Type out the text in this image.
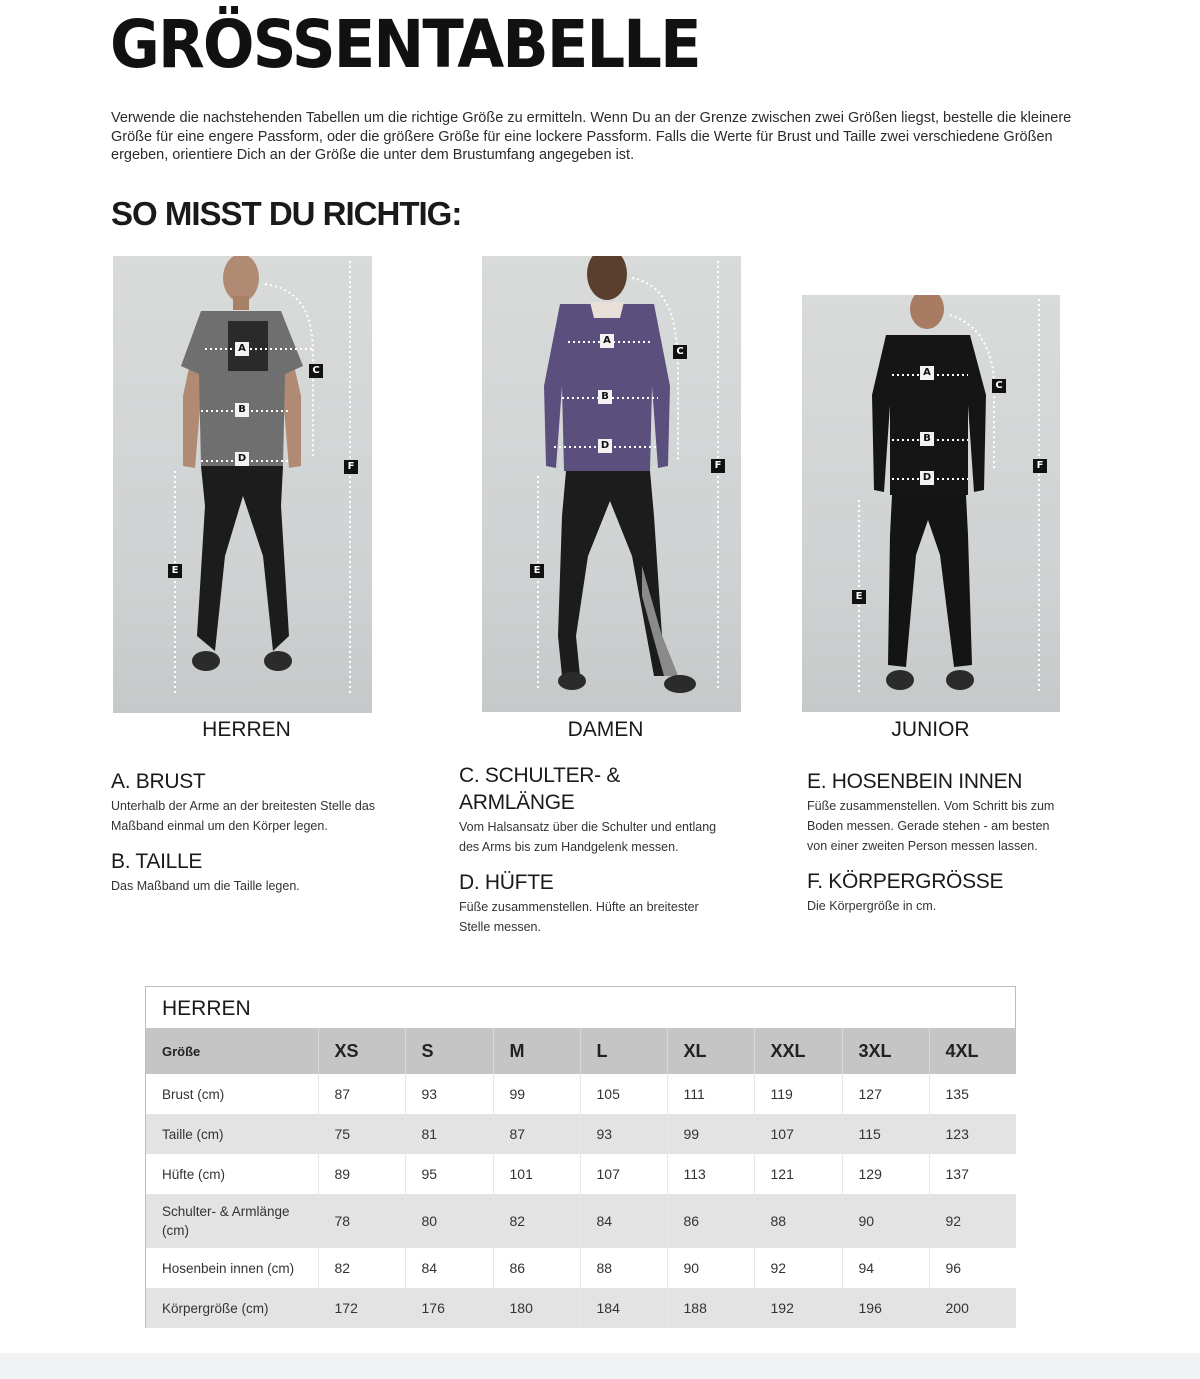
GRÖSSENTABELLE

Verwende die nachstehenden Tabellen um die richtige Größe zu ermitteln. Wenn Du an der Grenze zwischen zwei Größen liegst, bestelle die kleinere Größe für eine engere Passform, oder die größere Größe für eine lockere Passform. Falls die Werte für Brust und Taille zwei verschiedene Größen ergeben, orientiere Dich an der Größe die unter dem Brustumfang angegeben ist.

SO MISST DU RICHTIG:
A
B
D
C
E
F
HERREN
A
B
D
C
E
F
DAMEN
A
B
D
C
E
F
JUNIOR
A. BRUST

Unterhalb der Arme an der breitesten Stelle das Maßband einmal um den Körper legen.

B. TAILLE

Das Maßband um die Taille legen.

C. SCHULTER- & ARMLÄNGE

Vom Halsansatz über die Schulter und entlang des Arms bis zum Handgelenk messen.

D. HÜFTE

Füße zusammenstellen. Hüfte an breitester Stelle messen.

E. HOSENBEIN INNEN

Füße zusammenstellen. Vom Schritt bis zum Boden messen. Gerade stehen - am besten von einer zweiten Person messen lassen.

F. KÖRPERGRÖSSE

Die Körpergröße in cm.

HERREN
Größe	XS	S	M	L	XL	XXL	3XL	4XL
Brust (cm)	87	93	99	105	111	119	127	135
Taille (cm)	75	81	87	93	99	107	115	123
Hüfte (cm)	89	95	101	107	113	121	129	137
Schulter- & Armlänge (cm)	78	80	82	84	86	88	90	92
Hosenbein innen (cm)	82	84	86	88	90	92	94	96
Körpergröße (cm)	172	176	180	184	188	192	196	200
